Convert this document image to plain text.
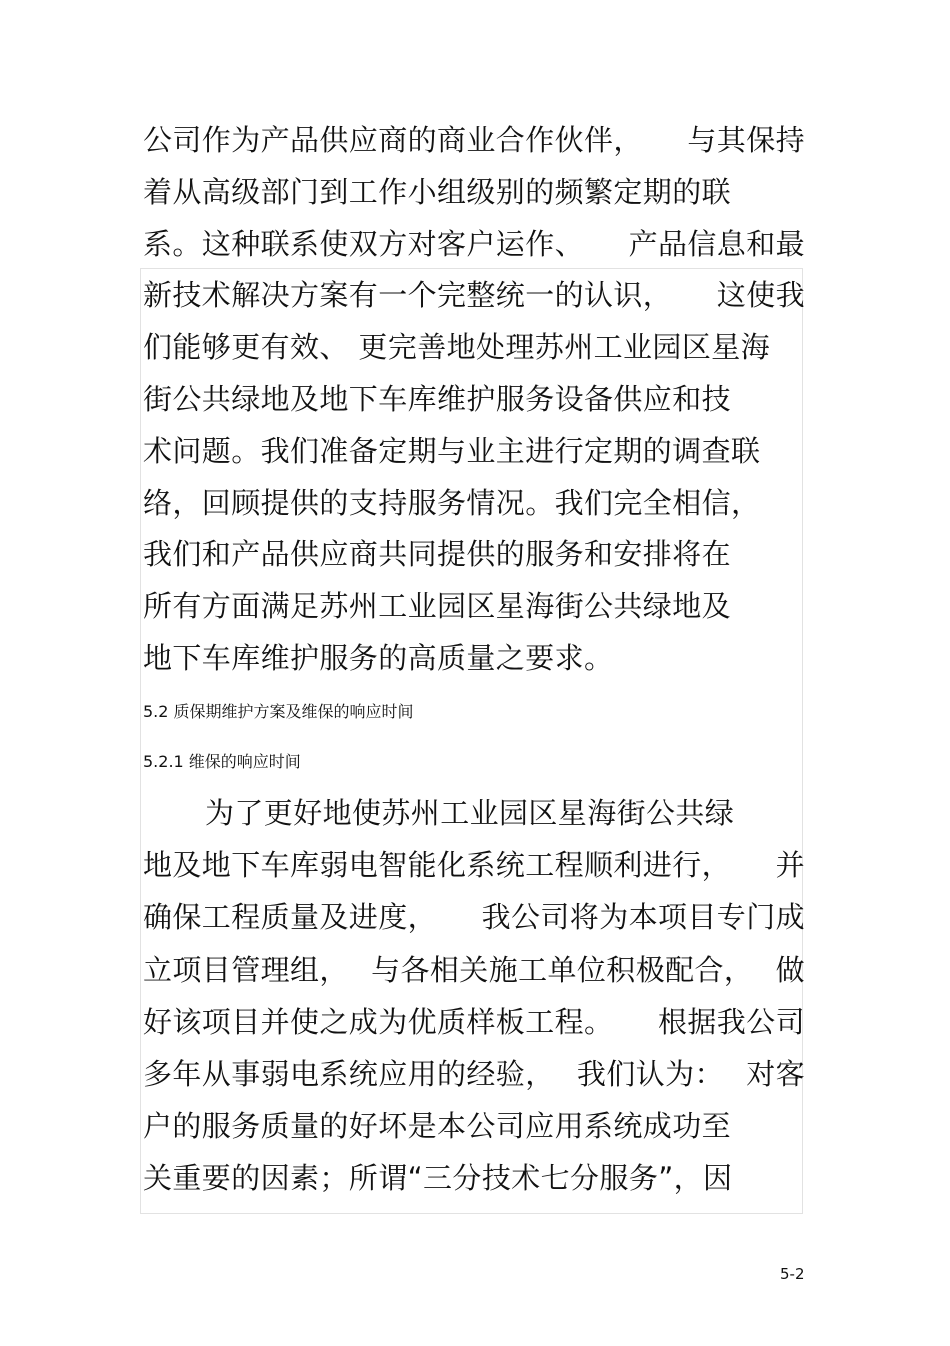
公司作为产品供应商的商业合作伙伴， 与其保持
着从高级部门到工作小组级别的频繁定期的联
系。这种联系使双方对客户运作、 产品信息和最
新技术解决方案有一个完整统一的认识， 这使我
们能够更有效、 更完善地处理苏州工业园区星海
街公共绿地及地下车库维护服务设备供应和技
术问题。我们准备定期与业主进行定期的调查联
络，回顾提供的支持服务情况。我们完全相信，
我们和产品供应商共同提供的服务和安排将在
所有方面满足苏州工业园区星海街公共绿地及
地下车库维护服务的高质量之要求。
为了更好地使苏州工业园区星海街公共绿
地及地下车库弱电智能化系统工程顺利进行， 并
确保工程质量及进度， 我公司将为本项目专门成
立项目管理组， 与各相关施工单位积极配合， 做
好该项目并使之成为优质样板工程。 根据我公司
多年从事弱电系统应用的经验， 我们认为： 对客
户的服务质量的好坏是本公司应用系统成功至
关重要的因素；所谓“三分技术七分服务”，因
5.2 质保期维护方案及维保的响应时间
5.2.1 维保的响应时间
5-2
